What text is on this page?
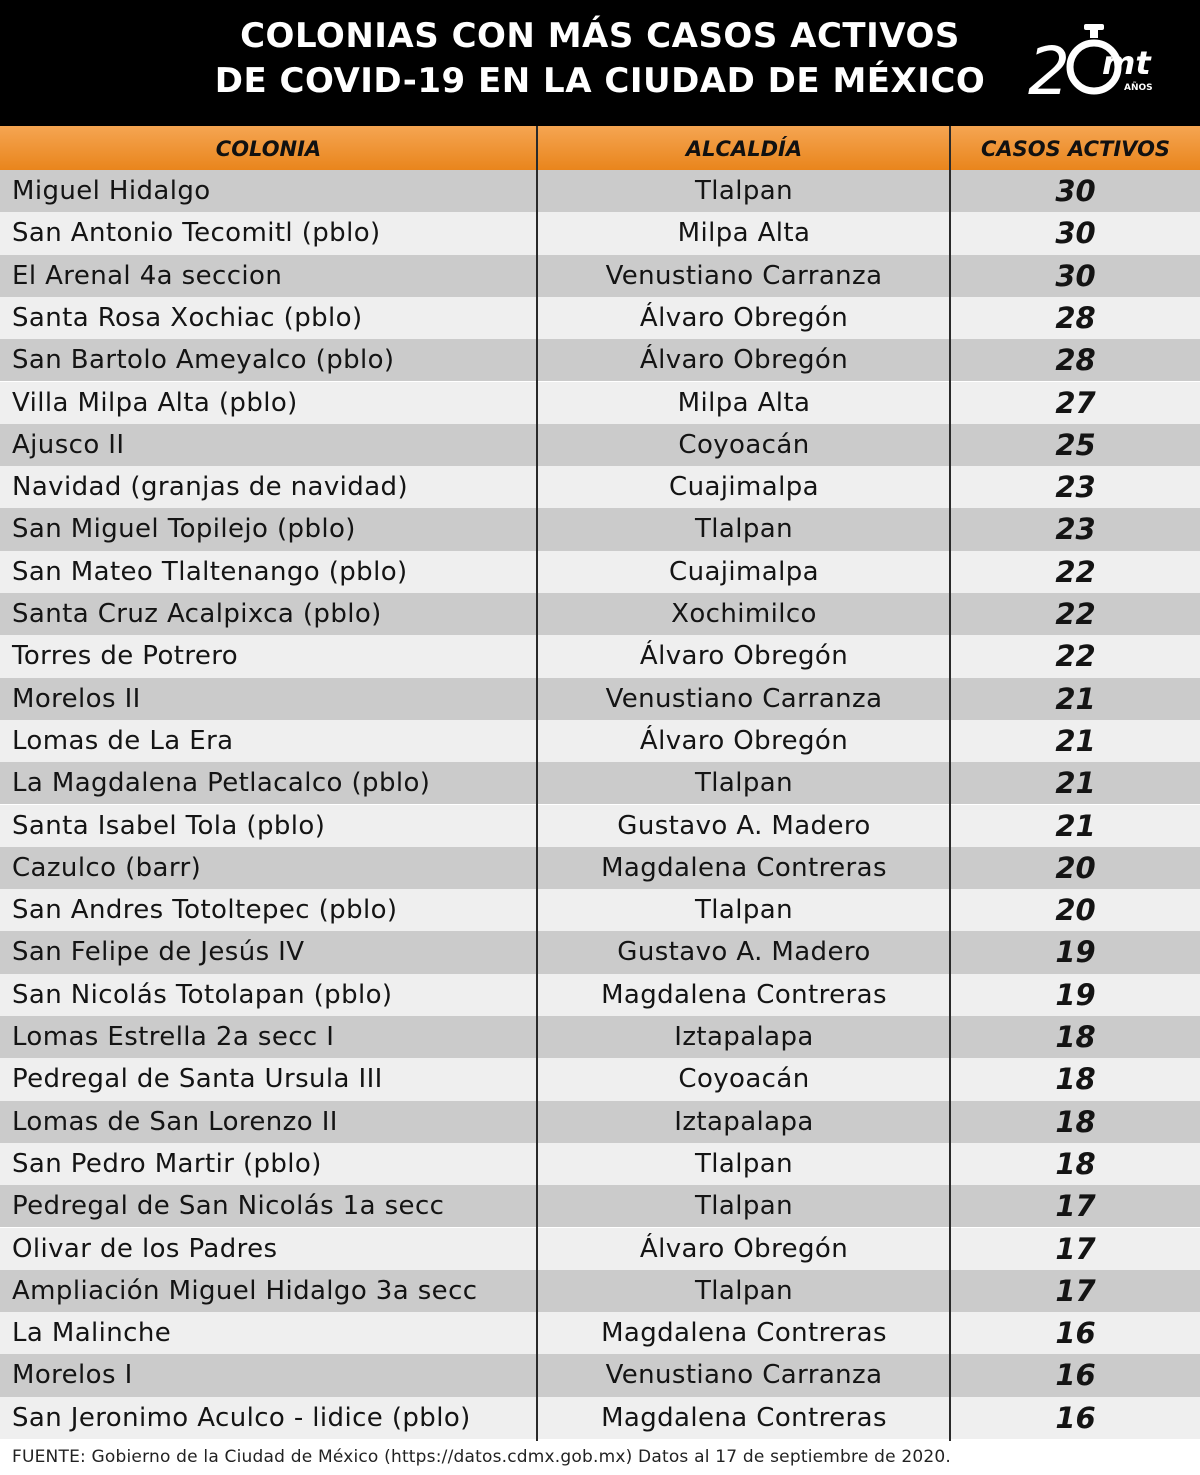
COLONIAS CON MÁS CASOS ACTIVOS
DE COVID-19 EN LA CIUDAD DE MÉXICO 2 mt
AÑOS
COLONIA	ALCALDÍA	CASOS ACTIVOS
Miguel Hidalgo	Tlalpan	30
San Antonio Tecomitl (pblo)	Milpa Alta	30
El Arenal 4a seccion	Venustiano Carranza	30
Santa Rosa Xochiac (pblo)	Álvaro Obregón	28
San Bartolo Ameyalco (pblo)	Álvaro Obregón	28
Villa Milpa Alta (pblo)	Milpa Alta	27
Ajusco II	Coyoacán	25
Navidad (granjas de navidad)	Cuajimalpa	23
San Miguel Topilejo (pblo)	Tlalpan	23
San Mateo Tlaltenango (pblo)	Cuajimalpa	22
Santa Cruz Acalpixca (pblo)	Xochimilco	22
Torres de Potrero	Álvaro Obregón	22
Morelos II	Venustiano Carranza	21
Lomas de La Era	Álvaro Obregón	21
La Magdalena Petlacalco (pblo)	Tlalpan	21
Santa Isabel Tola (pblo)	Gustavo A. Madero	21
Cazulco (barr)	Magdalena Contreras	20
San Andres Totoltepec (pblo)	Tlalpan	20
San Felipe de Jesús IV	Gustavo A. Madero	19
San Nicolás Totolapan (pblo)	Magdalena Contreras	19
Lomas Estrella 2a secc I	Iztapalapa	18
Pedregal de Santa Ursula III	Coyoacán	18
Lomas de San Lorenzo II	Iztapalapa	18
San Pedro Martir (pblo)	Tlalpan	18
Pedregal de San Nicolás 1a secc	Tlalpan	17
Olivar de los Padres	Álvaro Obregón	17
Ampliación Miguel Hidalgo 3a secc	Tlalpan	17
La Malinche	Magdalena Contreras	16
Morelos I	Venustiano Carranza	16
San Jeronimo Aculco - lidice (pblo)	Magdalena Contreras	16
FUENTE: Gobierno de la Ciudad de México (https://datos.cdmx.gob.mx) Datos al 17 de septiembre de 2020.
